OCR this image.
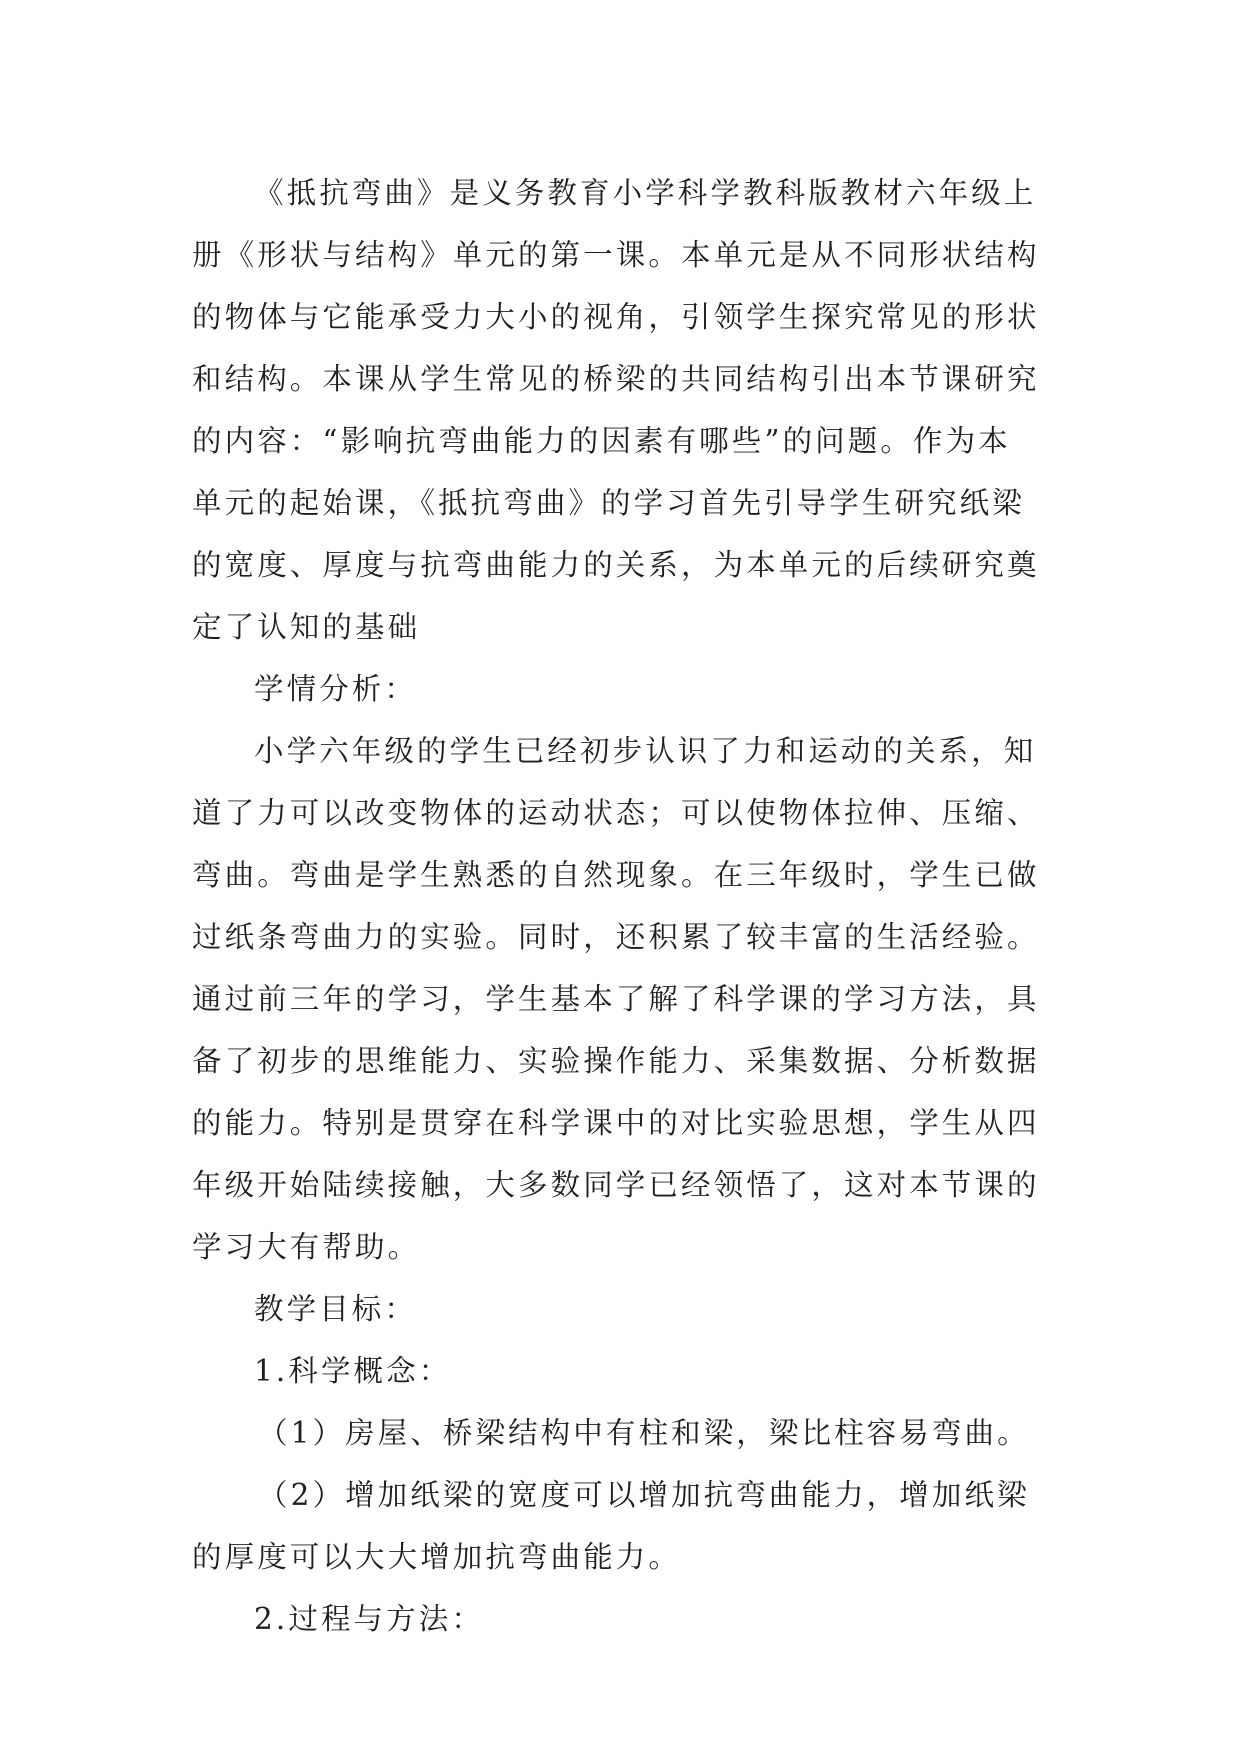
《抵抗弯曲》是义务教育小学科学教科版教材六年级上
册《形状与结构》单元的第一课。本单元是从不同形状结构
的物体与它能承受力大小的视角，引领学生探究常见的形状
和结构。本课从学生常见的桥梁的共同结构引出本节课研究
的内容：“影响抗弯曲能力的因素有哪些”的问题。作为本
单元的起始课，《抵抗弯曲》的学习首先引导学生研究纸梁
的宽度、厚度与抗弯曲能力的关系，为本单元的后续研究奠
定了认知的基础
学情分析：
小学六年级的学生已经初步认识了力和运动的关系，知
道了力可以改变物体的运动状态；可以使物体拉伸、压缩、
弯曲。弯曲是学生熟悉的自然现象。在三年级时，学生已做
过纸条弯曲力的实验。同时，还积累了较丰富的生活经验。
通过前三年的学习，学生基本了解了科学课的学习方法，具
备了初步的思维能力、实验操作能力、采集数据、分析数据
的能力。特别是贯穿在科学课中的对比实验思想，学生从四
年级开始陆续接触，大多数同学已经领悟了，这对本节课的
学习大有帮助。
教学目标：
1.科学概念：
（1）房屋、桥梁结构中有柱和梁，梁比柱容易弯曲。
（2）增加纸梁的宽度可以增加抗弯曲能力，增加纸梁
的厚度可以大大增加抗弯曲能力。
2.过程与方法：
